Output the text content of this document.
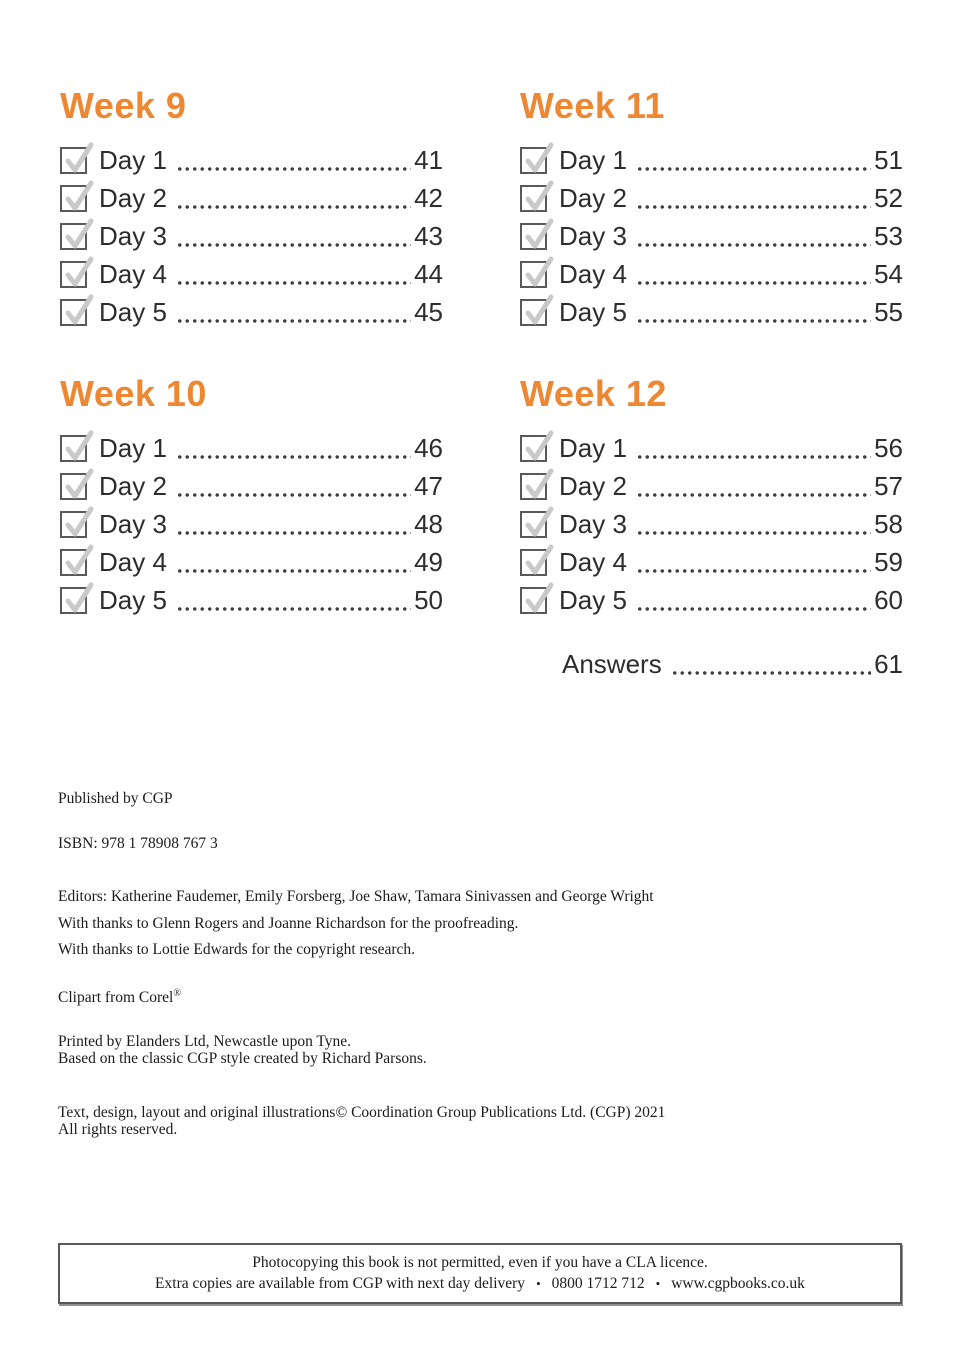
Week 9
Day 1	41
Day 2	42
Day 3	43
Day 4	44
Day 5	45
Week 10
Day 1	46
Day 2	47
Day 3	48
Day 4	49
Day 5	50
Week 11
Day 1	51
Day 2	52
Day 3	53
Day 4	54
Day 5	55
Week 12
Day 1	56
Day 2	57
Day 3	58
Day 4	59
Day 5	60
Answers	61
Published by CGP
ISBN: 978 1 78908 767 3
Editors: Katherine Faudemer, Emily Forsberg, Joe Shaw, Tamara Sinivassen and George Wright
With thanks to Glenn Rogers and Joanne Richardson for the proofreading.
With thanks to Lottie Edwards for the copyright research.
Clipart from Corel®
Printed by Elanders Ltd, Newcastle upon Tyne.
Based on the classic CGP style created by Richard Parsons.
Text, design, layout and original illustrations© Coordination Group Publications Ltd. (CGP) 2021
All rights reserved.
Photocopying this book is not permitted, even if you have a CLA licence.
Extra copies are available from CGP with next day delivery • 0800 1712 712 • www.cgpbooks.co.uk
